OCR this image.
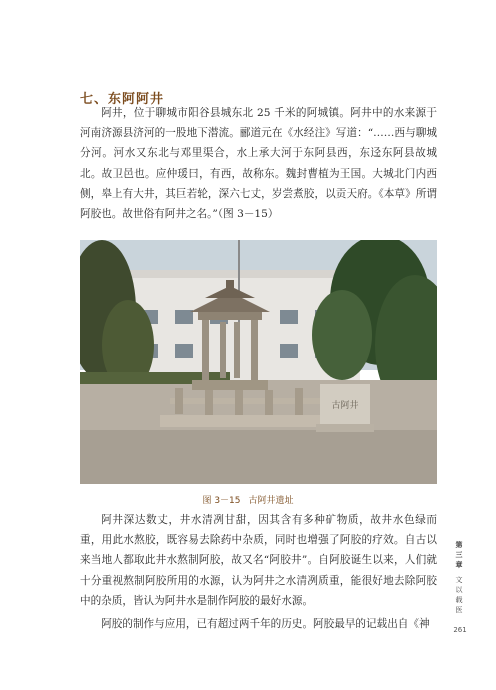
七、东阿阿井

阿井，位于聊城市阳谷县城东北 25 千米的阿城镇。阿井中的水来源于河南济源县济河的一股地下潜流。郦道元在《水经注》写道：“……西与聊城分河。河水又东北与邓里渠合，水上承大河于东阿县西，东迳东阿县故城北。故卫邑也。应仲瑗曰，有西，故称东。魏封曹植为王国。大城北门内西侧，皋上有大井，其巨若轮，深六七丈，岁尝煮胶，以贡天府。《本草》所谓阿胶也。故世俗有阿井之名。”（图 3－15）

古阿井

图 3－15 古阿井遗址

阿井深达数丈，井水清冽甘甜，因其含有多种矿物质，故井水色绿而重，用此水熬胶，既容易去除药中杂质，同时也增强了阿胶的疗效。自古以来当地人都取此井水熬制阿胶，故又名“阿胶井”。自阿胶诞生以来，人们就十分重视熬制阿胶所用的水源，认为阿井之水清冽质重，能很好地去除阿胶中的杂质，皆认为阿井水是制作阿胶的最好水源。

阿胶的制作与应用，已有超过两千年的历史。阿胶最早的记载出自《神

第
三
章
文
以
载
医
261
